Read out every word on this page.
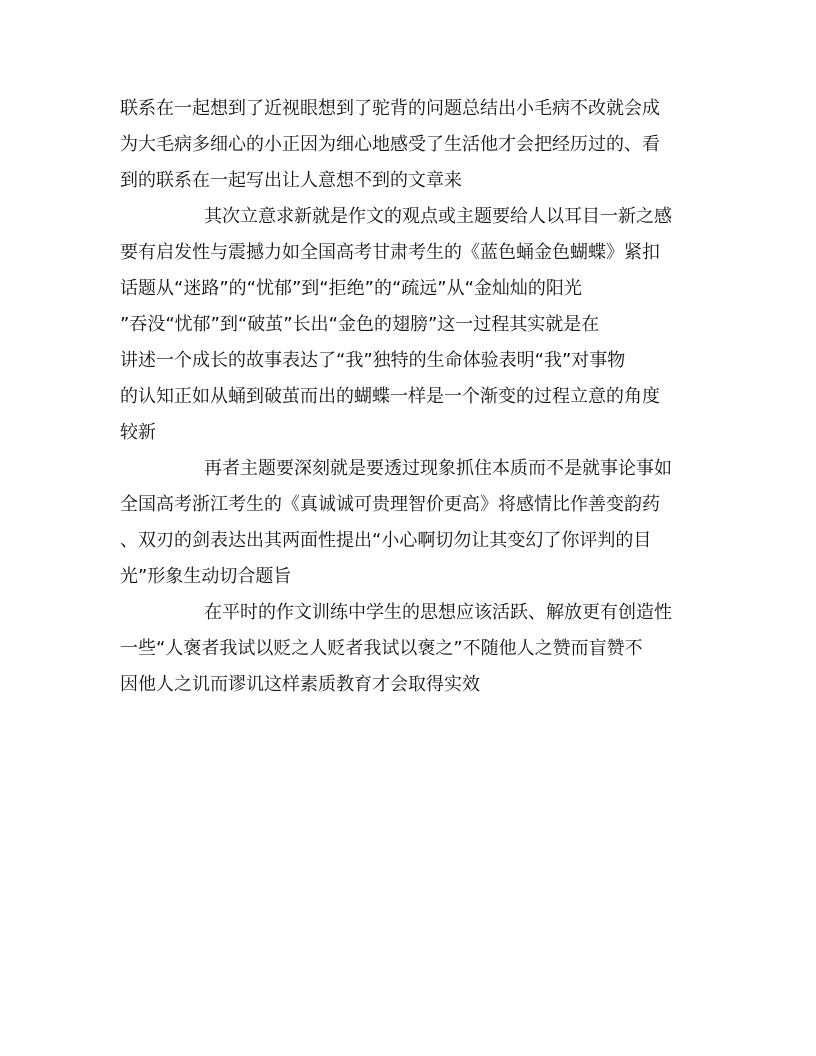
联系在一起想到了近视眼想到了驼背的问题总结出小毛病不改就会成
为大毛病多细心的小正因为细心地感受了生活他才会把经历过的、看
到的联系在一起写出让人意想不到的文章来
其次立意求新就是作文的观点或主题要给人以耳目一新之感
要有启发性与震撼力如全国高考甘肃考生的《蓝色蛹金色蝴蝶》紧扣
话题从“迷路”的“忧郁”到“拒绝”的“疏远”从“金灿灿的阳光
”吞没“忧郁”到“破茧”长出“金色的翅膀”这一过程其实就是在
讲述一个成长的故事表达了“我”独特的生命体验表明“我”对事物
的认知正如从蛹到破茧而出的蝴蝶一样是一个渐变的过程立意的角度
较新
再者主题要深刻就是要透过现象抓住本质而不是就事论事如
全国高考浙江考生的《真诚诚可贵理智价更高》将感情比作善变韵药
、双刃的剑表达出其两面性提出“小心啊切勿让其变幻了你评判的目
光”形象生动切合题旨
在平时的作文训练中学生的思想应该活跃、解放更有创造性
一些“人褒者我试以贬之人贬者我试以褒之”不随他人之赞而盲赞不
因他人之讥而谬讥这样素质教育才会取得实效
